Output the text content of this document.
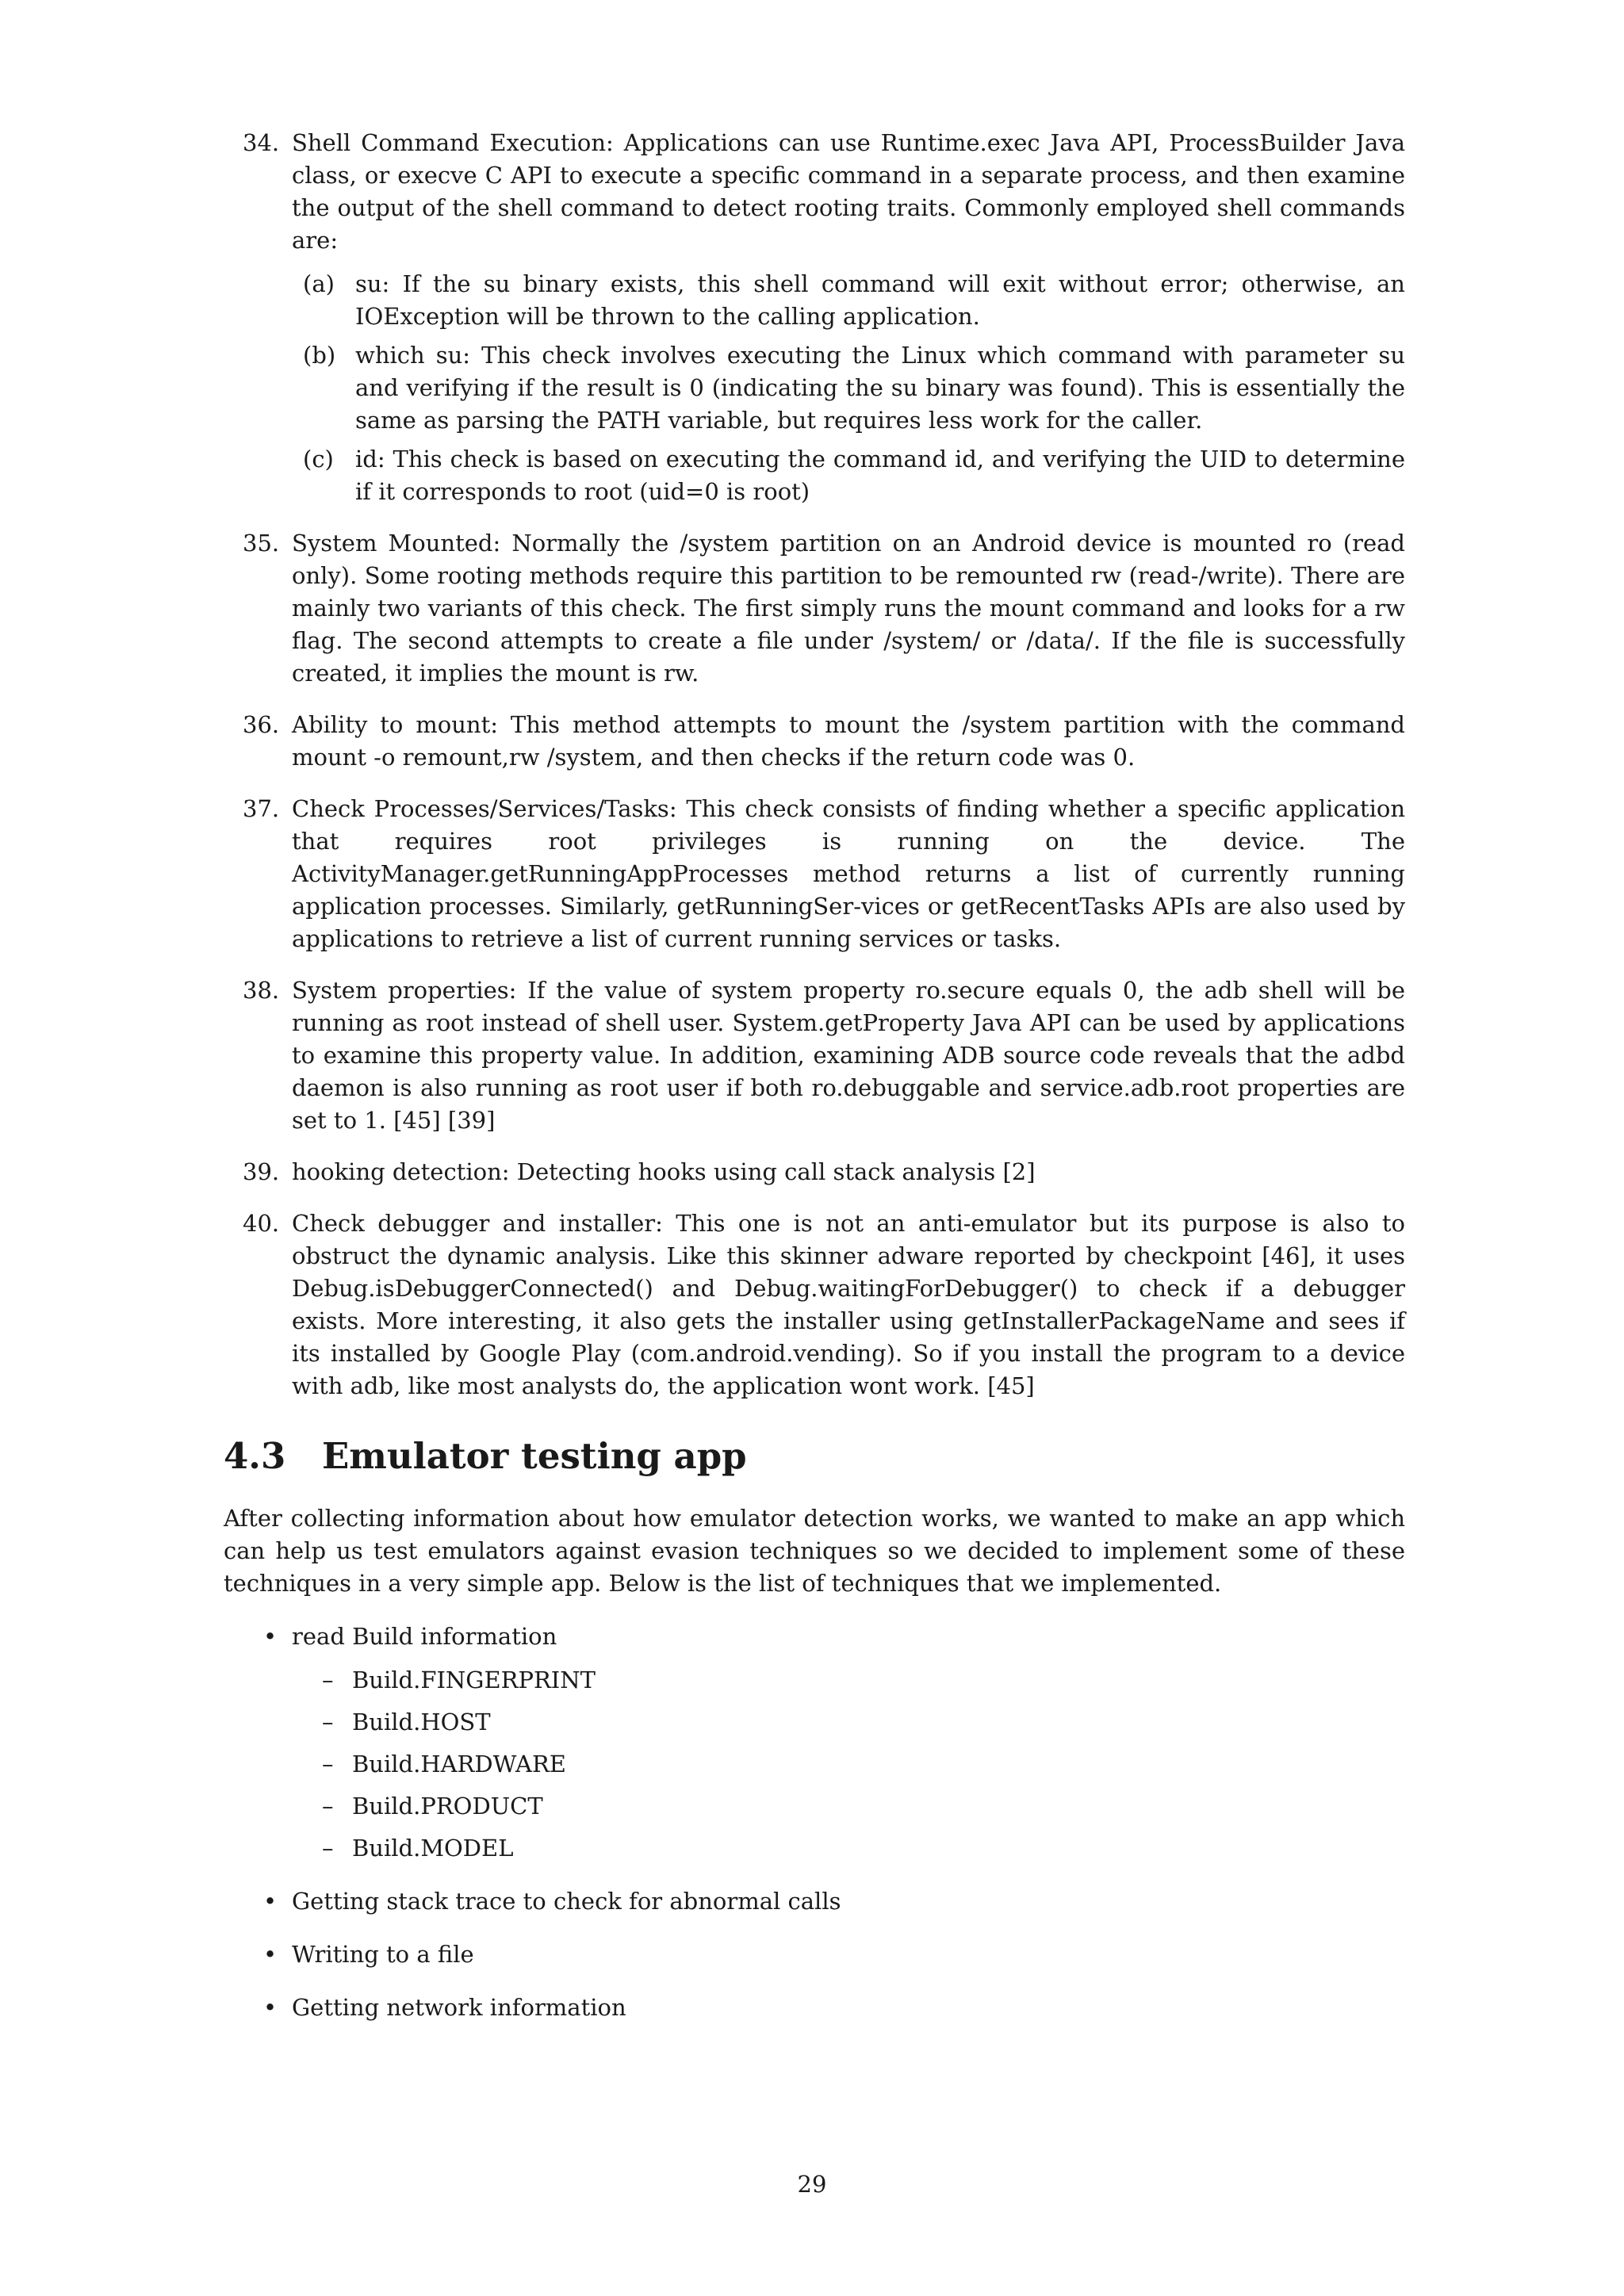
34. Shell Command Execution: Applications can use Runtime.exec Java API, ProcessBuilder Java class, or execve C API to execute a specific command in a separate process, and then examine the output of the shell command to detect rooting traits. Commonly employed shell commands are:

(a) su: If the su binary exists, this shell command will exit without error; otherwise, an IOException will be thrown to the calling application.

(b) which su: This check involves executing the Linux which command with parameter su and verifying if the result is 0 (indicating the su binary was found). This is essentially the same as parsing the PATH variable, but requires less work for the caller.

(c) id: This check is based on executing the command id, and verifying the UID to determine if it corresponds to root (uid=0 is root)

35. System Mounted: Normally the /system partition on an Android device is mounted ro (read only). Some rooting methods require this partition to be remounted rw (read-/write). There are mainly two variants of this check. The first simply runs the mount command and looks for a rw flag. The second attempts to create a file under /system/ or /data/. If the file is successfully created, it implies the mount is rw.

36. Ability to mount: This method attempts to mount the /system partition with the command mount -o remount,rw /system, and then checks if the return code was 0.

37. Check Processes/Services/Tasks: This check consists of finding whether a specific application that requires root privileges is running on the device. The ActivityManager.getRunningAppProcesses method returns a list of currently running application processes. Similarly, getRunningSer-vices or getRecentTasks APIs are also used by applications to retrieve a list of current running services or tasks.

38. System properties: If the value of system property ro.secure equals 0, the adb shell will be running as root instead of shell user. System.getProperty Java API can be used by applications to examine this property value. In addition, examining ADB source code reveals that the adbd daemon is also running as root user if both ro.debuggable and service.adb.root properties are set to 1. [45] [39]

39. hooking detection: Detecting hooks using call stack analysis [2]

40. Check debugger and installer: This one is not an anti-emulator but its purpose is also to obstruct the dynamic analysis. Like this skinner adware reported by checkpoint [46], it uses Debug.isDebuggerConnected() and Debug.waitingForDebugger() to check if a debugger exists. More interesting, it also gets the installer using getInstallerPackageName and sees if its installed by Google Play (com.android.vending). So if you install the program to a device with adb, like most analysts do, the application wont work. [45]

4.3 Emulator testing app

After collecting information about how emulator detection works, we wanted to make an app which can help us test emulators against evasion techniques so we decided to implement some of these techniques in a very simple app. Below is the list of techniques that we implemented.

• read Build information

– Build.FINGERPRINT

– Build.HOST

– Build.HARDWARE

– Build.PRODUCT

– Build.MODEL

• Getting stack trace to check for abnormal calls

• Writing to a file

• Getting network information

29
